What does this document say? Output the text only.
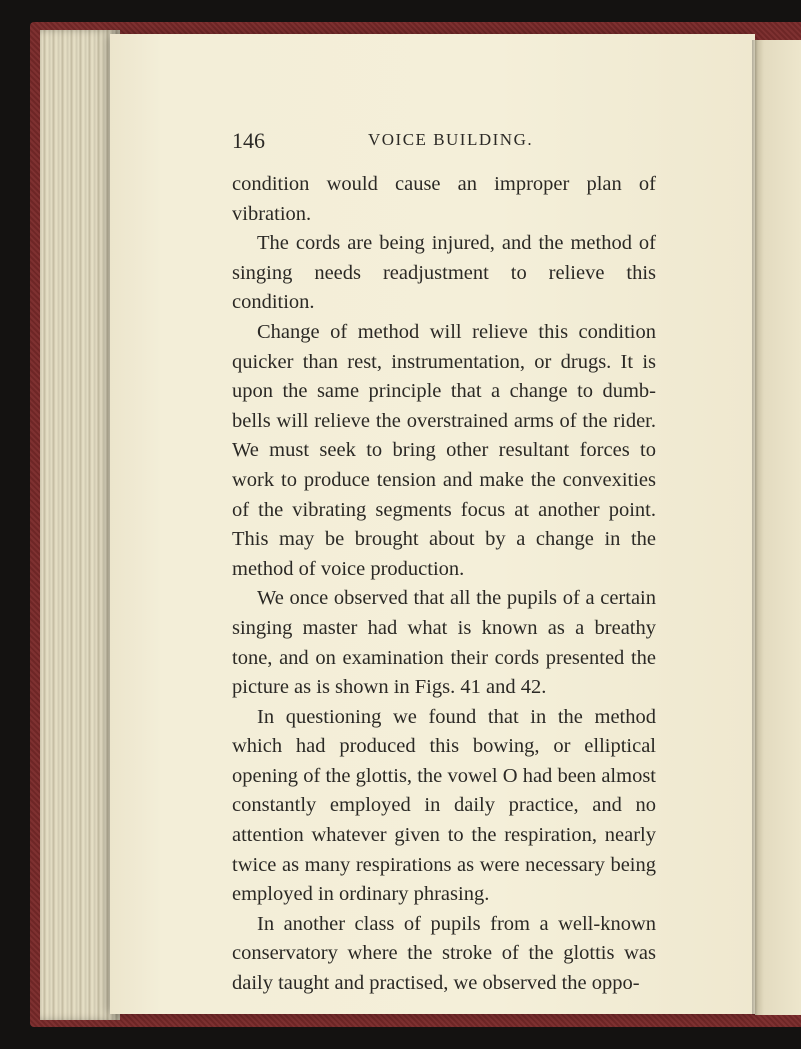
146	VOICE BUILDING.

condition would cause an improper plan of vibration.

The cords are being injured, and the method of singing needs readjustment to relieve this condition.

Change of method will relieve this condition quicker than rest, instrumentation, or drugs. It is upon the same principle that a change to dumb-bells will relieve the overstrained arms of the rider. We must seek to bring other resultant forces to work to produce tension and make the convexities of the vibrating segments focus at another point. This may be brought about by a change in the method of voice production.

We once observed that all the pupils of a certain singing master had what is known as a breathy tone, and on examination their cords presented the picture as is shown in Figs. 41 and 42.

In questioning we found that in the method which had produced this bowing, or elliptical opening of the glottis, the vowel O had been almost constantly employed in daily practice, and no attention whatever given to the respiration, nearly twice as many respirations as were necessary being employed in ordinary phrasing.

In another class of pupils from a well-known conservatory where the stroke of the glottis was daily taught and practised, we observed the oppo-
